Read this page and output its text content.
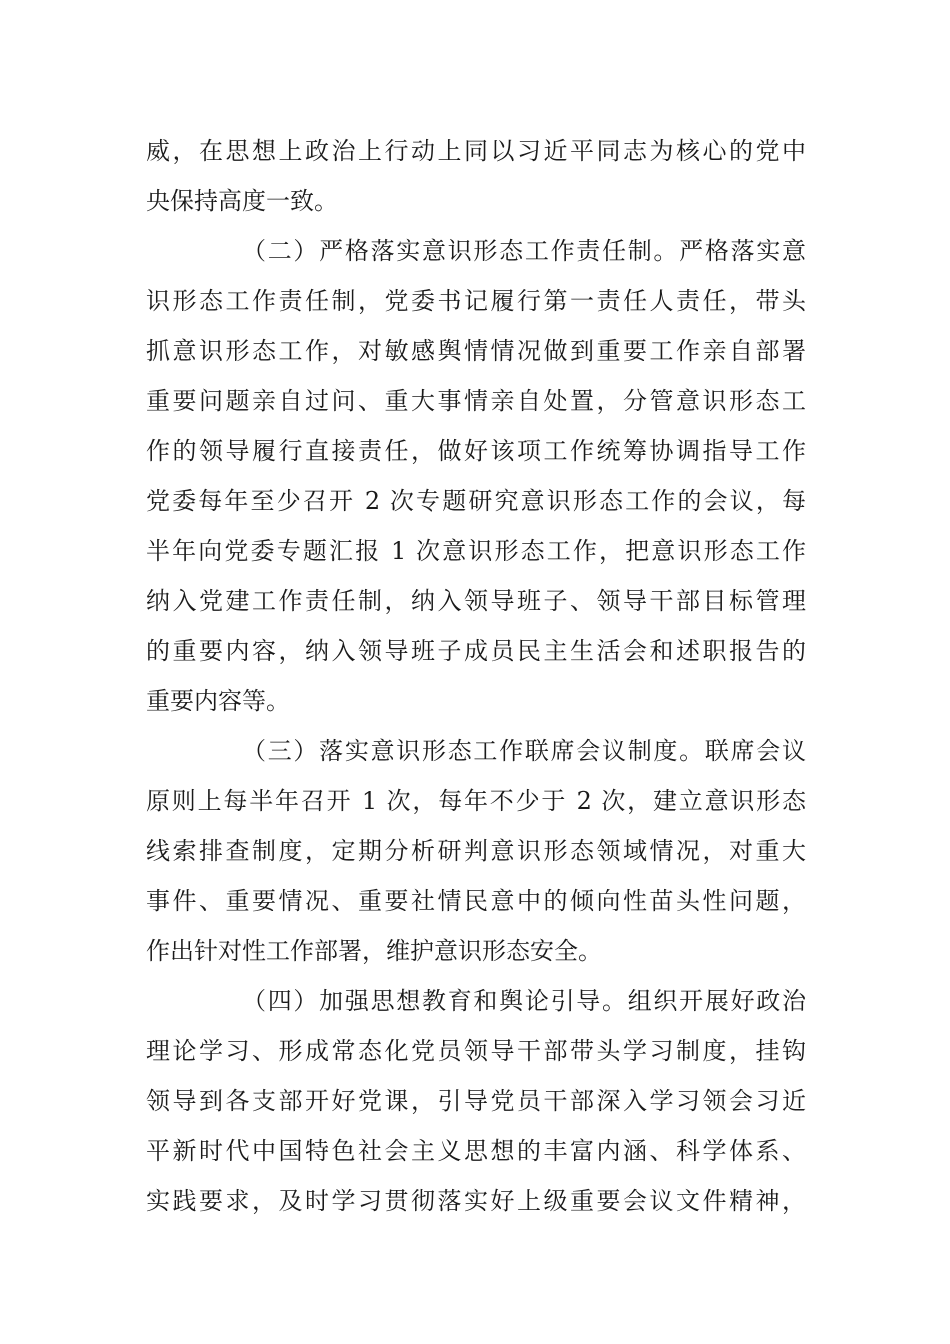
威，在思想上政治上行动上同以习近平同志为核心的党中
央保持高度一致。
（二）严格落实意识形态工作责任制。严格落实意
识形态工作责任制，党委书记履行第一责任人责任，带头
抓意识形态工作，对敏感舆情情况做到重要工作亲自部署
重要问题亲自过问、重大事情亲自处置，分管意识形态工
作的领导履行直接责任，做好该项工作统筹协调指导工作
党委每年至少召开 2 次专题研究意识形态工作的会议，每
半年向党委专题汇报 1 次意识形态工作，把意识形态工作
纳入党建工作责任制，纳入领导班子、领导干部目标管理
的重要内容，纳入领导班子成员民主生活会和述职报告的
重要内容等。
（三）落实意识形态工作联席会议制度。联席会议
原则上每半年召开 1 次，每年不少于 2 次，建立意识形态
线索排查制度，定期分析研判意识形态领域情况，对重大
事件、重要情况、重要社情民意中的倾向性苗头性问题，
作出针对性工作部署，维护意识形态安全。
（四）加强思想教育和舆论引导。组织开展好政治
理论学习、形成常态化党员领导干部带头学习制度，挂钩
领导到各支部开好党课，引导党员干部深入学习领会习近
平新时代中国特色社会主义思想的丰富内涵、科学体系、
实践要求，及时学习贯彻落实好上级重要会议文件精神，
